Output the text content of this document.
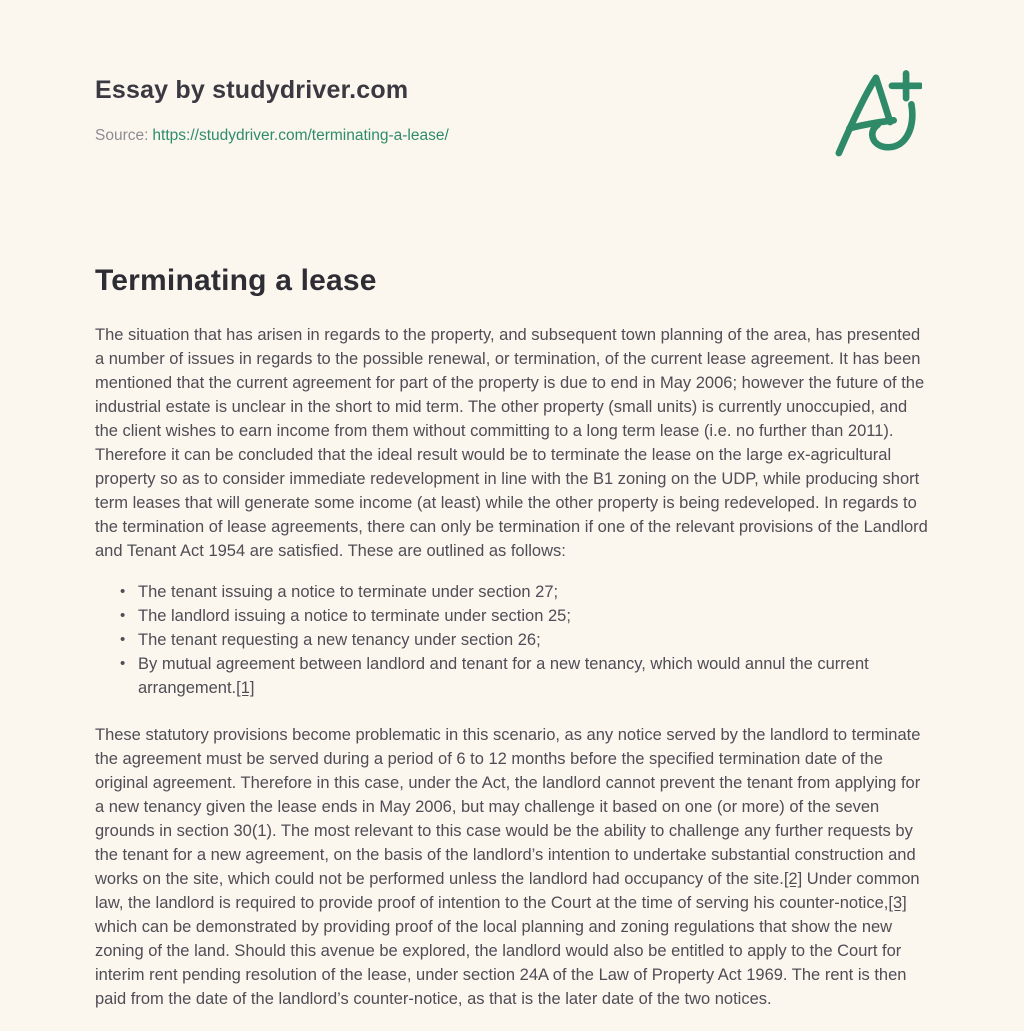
Essay by studydriver.com

Source: https://studydriver.com/terminating-a-lease/

Terminating a lease

The situation that has arisen in regards to the property, and subsequent town planning of the area, has presented a number of issues in regards to the possible renewal, or termination, of the current lease agreement. It has been mentioned that the current agreement for part of the property is due to end in May 2006; however the future of the industrial estate is unclear in the short to mid term. The other property (small units) is currently unoccupied, and the client wishes to earn income from them without committing to a long term lease (i.e. no further than 2011). Therefore it can be concluded that the ideal result would be to terminate the lease on the large ex-agricultural property so as to consider immediate redevelopment in line with the B1 zoning on the UDP, while producing short term leases that will generate some income (at least) while the other property is being redeveloped. In regards to the termination of lease agreements, there can only be termination if one of the relevant provisions of the Landlord and Tenant Act 1954 are satisfied. These are outlined as follows:

• The tenant issuing a notice to terminate under section 27;
• The landlord issuing a notice to terminate under section 25;
• The tenant requesting a new tenancy under section 26;
• By mutual agreement between landlord and tenant for a new tenancy, which would annul the current arrangement.[1]

These statutory provisions become problematic in this scenario, as any notice served by the landlord to terminate the agreement must be served during a period of 6 to 12 months before the specified termination date of the original agreement. Therefore in this case, under the Act, the landlord cannot prevent the tenant from applying for a new tenancy given the lease ends in May 2006, but may challenge it based on one (or more) of the seven grounds in section 30(1). The most relevant to this case would be the ability to challenge any further requests by the tenant for a new agreement, on the basis of the landlord’s intention to undertake substantial construction and works on the site, which could not be performed unless the landlord had occupancy of the site.[2] Under common law, the landlord is required to provide proof of intention to the Court at the time of serving his counter-notice,[3] which can be demonstrated by providing proof of the local planning and zoning regulations that show the new zoning of the land. Should this avenue be explored, the landlord would also be entitled to apply to the Court for interim rent pending resolution of the lease, under section 24A of the Law of Property Act 1969. The rent is then paid from the date of the landlord’s counter-notice, as that is the later date of the two notices.
